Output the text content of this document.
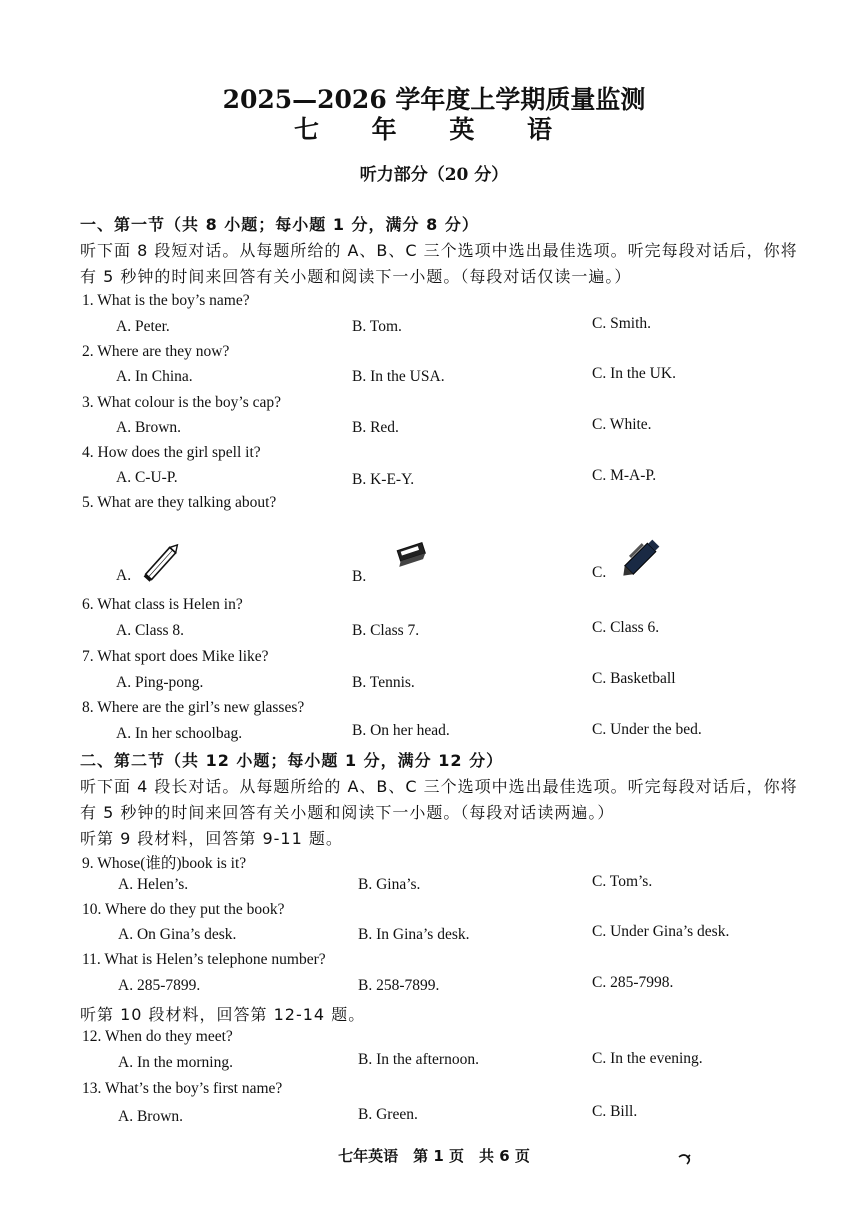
2025—2026 学年度上学期质量监测
七 年 英 语
听力部分（20 分）
一、第一节（共 8 小题；每小题 1 分，满分 8 分）
听下面 8 段短对话。从每题所给的 A、B、C 三个选项中选出最佳选项。听完每段对话后，你将
有 5 秒钟的时间来回答有关小题和阅读下一小题。（每段对话仅读一遍。）
1. What is the boy’s name?
A. Peter.	B. Tom.	C. Smith.
2. Where are they now?
A. In China.	B. In the USA.	C. In the UK.
3. What colour is the boy’s cap?
A. Brown.	B. Red.	C. White.
4. How does the girl spell it?
A. C-U-P.	B. K-E-Y.	C. M-A-P.
5. What are they talking about?
A.	B.	C.
6. What class is Helen in?
A. Class 8.	B. Class 7.	C. Class 6.
7. What sport does Mike like?
A. Ping-pong.	B. Tennis.	C. Basketball
8. Where are the girl’s new glasses?
A. In her schoolbag.	B. On her head.	C. Under the bed.
二、第二节（共 12 小题；每小题 1 分，满分 12 分）
听下面 4 段长对话。从每题所给的 A、B、C 三个选项中选出最佳选项。听完每段对话后，你将
有 5 秒钟的时间来回答有关小题和阅读下一小题。（每段对话读两遍。）
听第 9 段材料，回答第 9-11 题。
9. Whose(谁的)book is it?
A. Helen’s.	B. Gina’s.	C. Tom’s.
10. Where do they put the book?
A. On Gina’s desk.	B. In Gina’s desk.	C. Under Gina’s desk.
11. What is Helen’s telephone number?
A. 285-7899.	B. 258-7899.	C. 285-7998.
听第 10 段材料，回答第 12-14 题。
12. When do they meet?
A. In the morning.	B. In the afternoon.	C. In the evening.
13. What’s the boy’s first name?
A. Brown.	B. Green.	C. Bill.
七年英语　第 1 页　共 6 页
